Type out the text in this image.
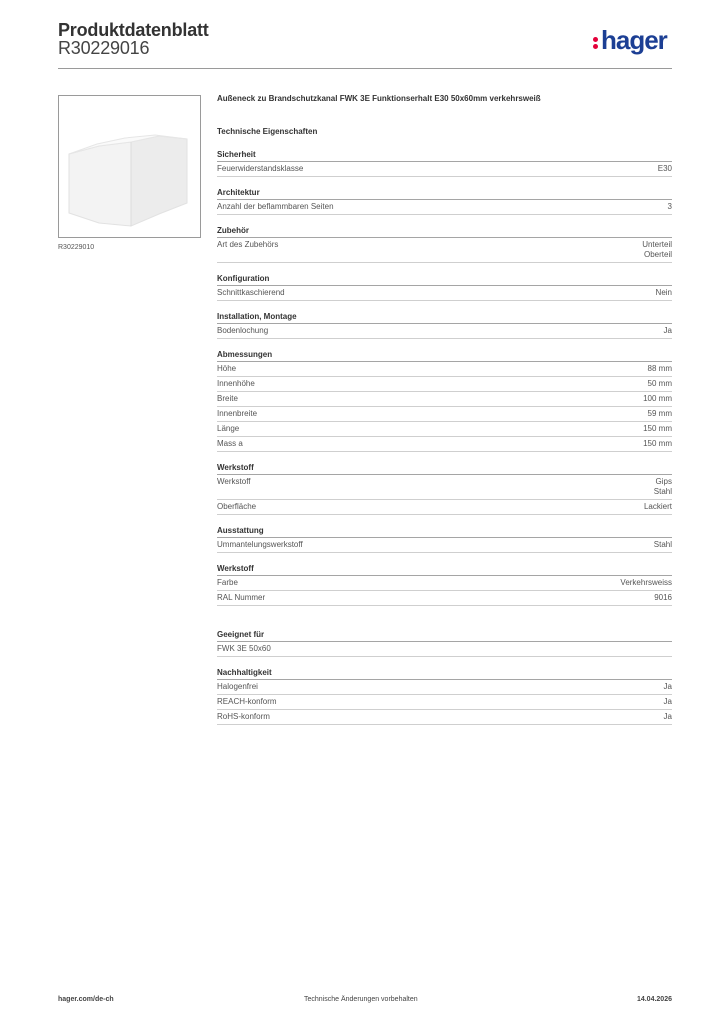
Produktdatenblatt
R30229016	hager
R30229010
Außeneck zu Brandschutzkanal FWK 3E Funktionserhalt E30 50x60mm verkehrsweiß
Technische Eigenschaften
Sicherheit
Feuerwiderstandsklasse	E30
Architektur
Anzahl der beflammbaren Seiten	3
Zubehör
Art des Zubehörs	Unterteil
Oberteil
Konfiguration
Schnittkaschierend	Nein
Installation, Montage
Bodenlochung	Ja
Abmessungen
Höhe	88 mm
Innenhöhe	50 mm
Breite	100 mm
Innenbreite	59 mm
Länge	150 mm
Mass a	150 mm
Werkstoff
Werkstoff	Gips
Stahl
Oberfläche	Lackiert
Ausstattung
Ummantelungswerkstoff	Stahl
Werkstoff
Farbe	Verkehrsweiss
RAL Nummer	9016
Geeignet für
FWK 3E 50x60
Nachhaltigkeit
Halogenfrei	Ja
REACH-konform	Ja
RoHS-konform	Ja
hager.com/de-ch	Technische Änderungen vorbehalten	14.04.2026
